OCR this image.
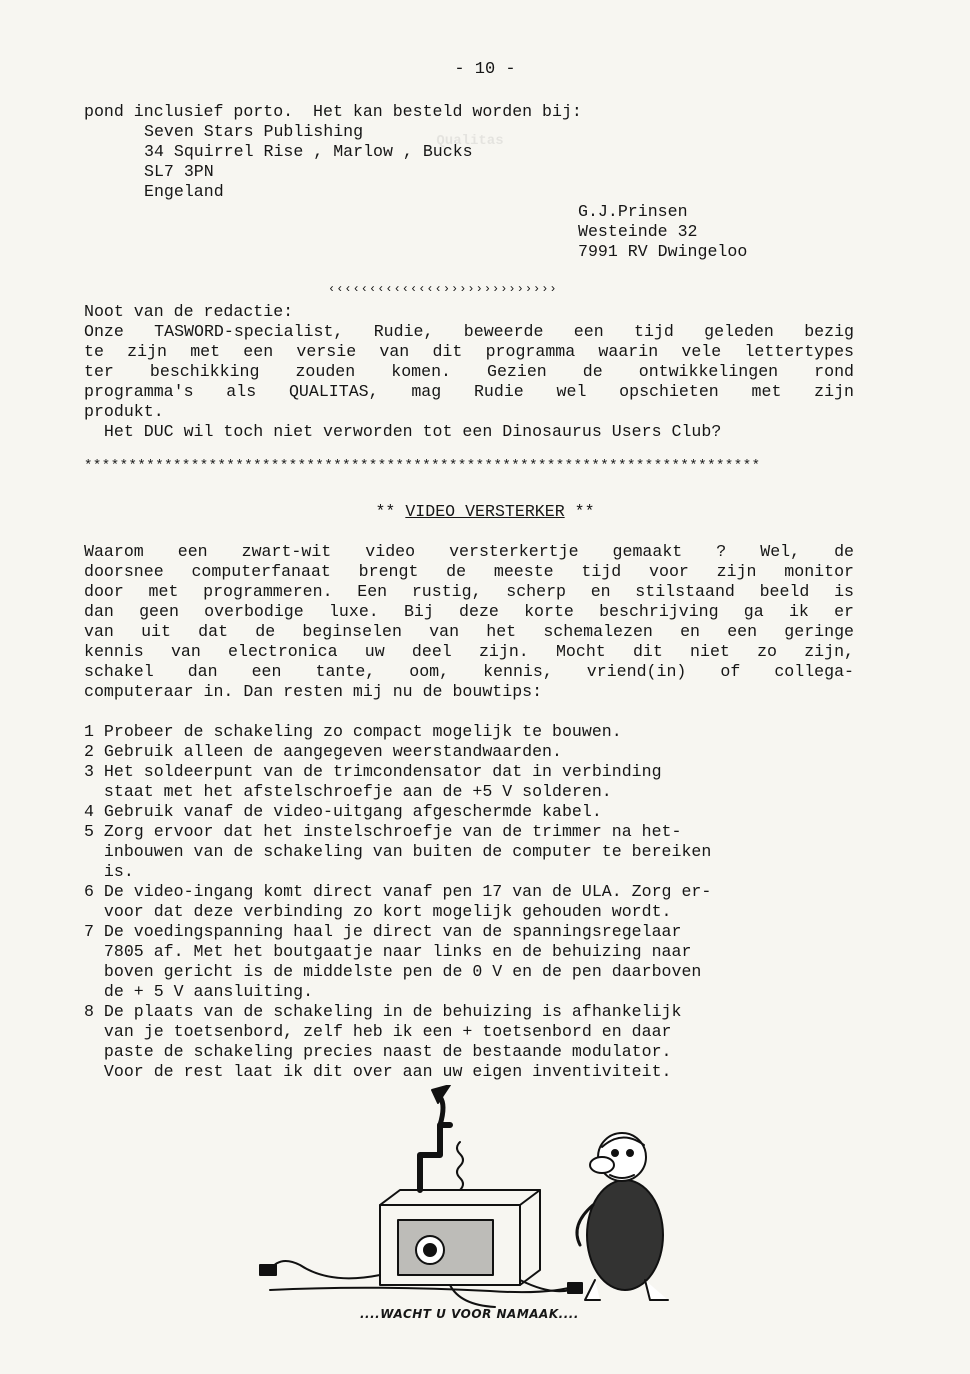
Qualitas
- 10 -
pond inclusief porto.  Het kan besteld worden bij:
Seven Stars Publishing
34 Squirrel Rise , Marlow , Bucks
SL7 3PN
Engeland
G.J.Prinsen
Westeinde 32
7991 RV Dwingeloo
‹‹‹‹‹‹‹‹‹‹‹‹‹‹››››››››››››››
Noot van de redactie:
Onze TASWORD-specialist, Rudie, beweerde een tijd geleden bezig
te zijn met een versie van dit programma waarin vele lettertypes
ter beschikking zouden komen. Gezien de ontwikkelingen rond
programma's als QUALITAS, mag Rudie wel opschieten met zijn
produkt.
Het DUC wil toch niet verworden tot een Dinosaurus Users Club?
****************************************************************************
** VIDEO VERSTERKER **
Waarom een zwart-wit video versterkertje gemaakt ? Wel, de
doorsnee computerfanaat brengt de meeste tijd voor zijn monitor
door met programmeren. Een rustig, scherp en stilstaand beeld is
dan geen overbodige luxe. Bij deze korte beschrijving ga ik er
van uit dat de beginselen van het schemalezen en een geringe
kennis van electronica uw deel zijn. Mocht dit niet zo zijn,
schakel dan een tante, oom, kennis, vriend(in) of collega-
computeraar in. Dan resten mij nu de bouwtips:
1 Probeer de schakeling zo compact mogelijk te bouwen.
2 Gebruik alleen de aangegeven weerstandwaarden.
3 Het soldeerpunt van de trimcondensator dat in verbinding
staat met het afstelschroefje aan de +5 V solderen.
4 Gebruik vanaf de video-uitgang afgeschermde kabel.
5 Zorg ervoor dat het instelschroefje van de trimmer na het-
inbouwen van de schakeling van buiten de computer te bereiken
is.
6 De video-ingang komt direct vanaf pen 17 van de ULA. Zorg er-
voor dat deze verbinding zo kort mogelijk gehouden wordt.
7 De voedingspanning haal je direct van de spanningsregelaar
7805 af. Met het boutgaatje naar links en de behuizing naar
boven gericht is de middelste pen de 0 V en de pen daarboven
de + 5 V aansluiting.
8 De plaats van de schakeling in de behuizing is afhankelijk
van je toetsenbord, zelf heb ik een + toetsenbord en daar
paste de schakeling precies naast de bestaande modulator.
Voor de rest laat ik dit over aan uw eigen inventiviteit.
....WACHT U VOOR NAMAAK....
